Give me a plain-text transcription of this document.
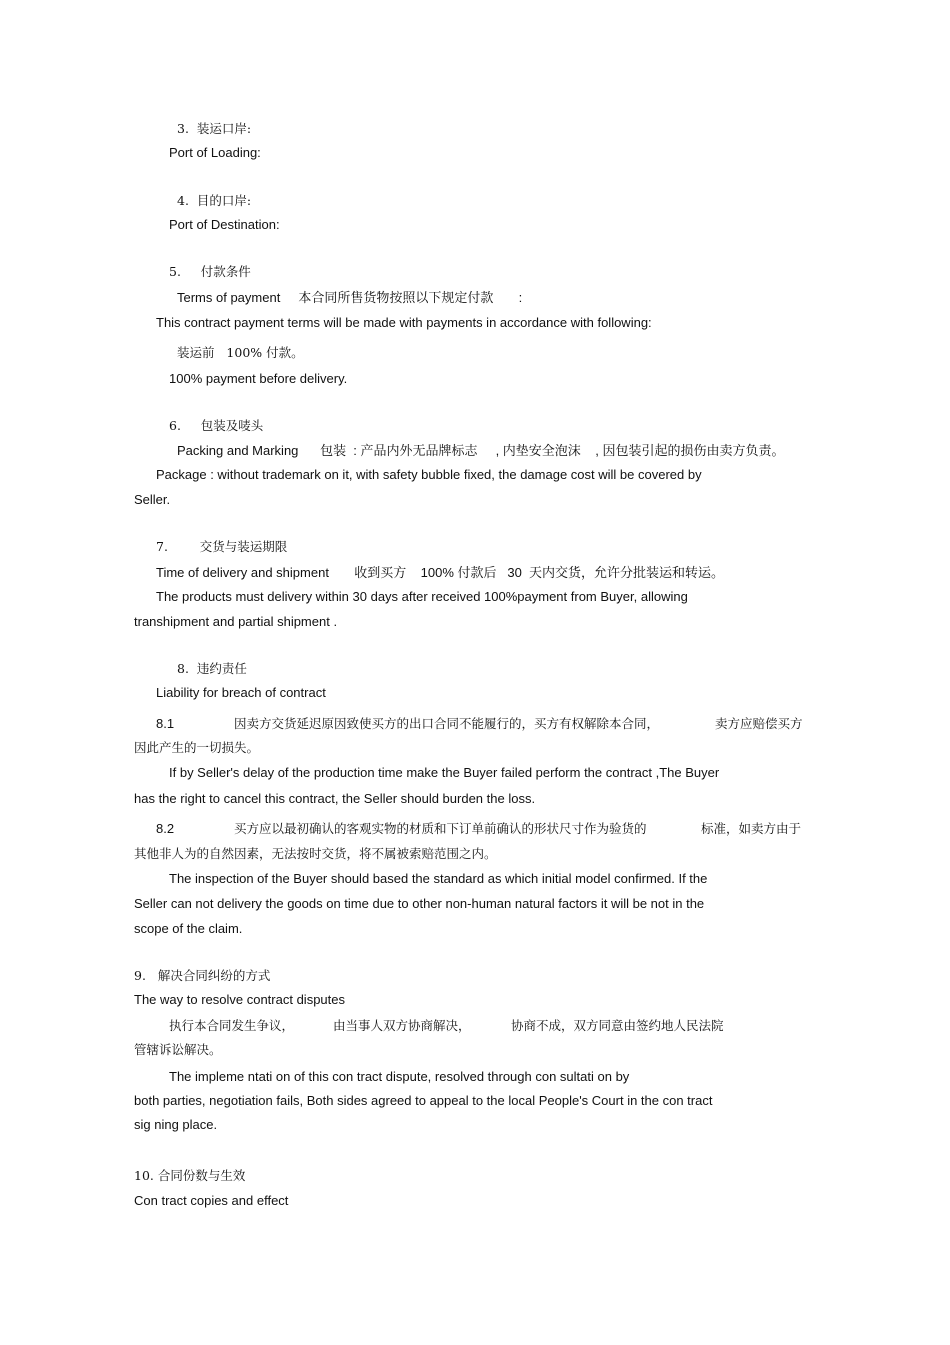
3.  装运口岸:
Port of Loading:
4.  目的口岸:
Port of Destination:
5.     付款条件
Terms of payment     本合同所售货物按照以下规定付款       :
This contract payment terms will be made with payments in accordance with following:
装运前   100% 付款。
100% payment before delivery.
6.     包装及唛头
Packing and Marking      包装  : 产品内外无品牌标志     , 内垫安全泡沫    , 因包装引起的损伤由卖方负责。
Package : without trademark on it, with safety bubble fixed, the damage cost will be covered by
Seller.
7.        交货与装运期限
Time of delivery and shipment       收到买方    100% 付款后   30  天内交货，允许分批装运和转运。
The products must delivery within 30 days after received 100%payment from Buyer, allowing
transhipment and partial shipment .
8.  违约责任
Liability for breach of contract
8.1	因卖方交货延迟原因致使买方的出口合同不能履行的，买方有权解除本合同，	卖方应赔偿买方
因此产生的一切损失。
If by Seller's delay of the production time make the Buyer failed perform the contract ,The Buyer
has the right to cancel this contract, the Seller should burden the loss.
8.2	买方应以最初确认的客观实物的材质和下订单前确认的形状尺寸作为验货的	标准，如卖方由于
其他非人为的自然因素，无法按时交货，将不属被索赔范围之内。
The inspection of the Buyer should based the standard as which initial model confirmed. If the
Seller can not delivery the goods on time due to other non-human natural factors it will be not in the
scope of the claim.
9.   解决合同纠纷的方式
The way to resolve contract disputes
执行本合同发生争议，	由当事人双方协商解决，	协商不成，双方同意由签约地人民法院
管辖诉讼解决。
The impleme ntati on of this con tract dispute, resolved through con sultati on by
both parties, negotiation fails, Both sides agreed to appeal to the local People's Court in the con tract
sig ning place.
10. 合同份数与生效
Con tract copies and effect
